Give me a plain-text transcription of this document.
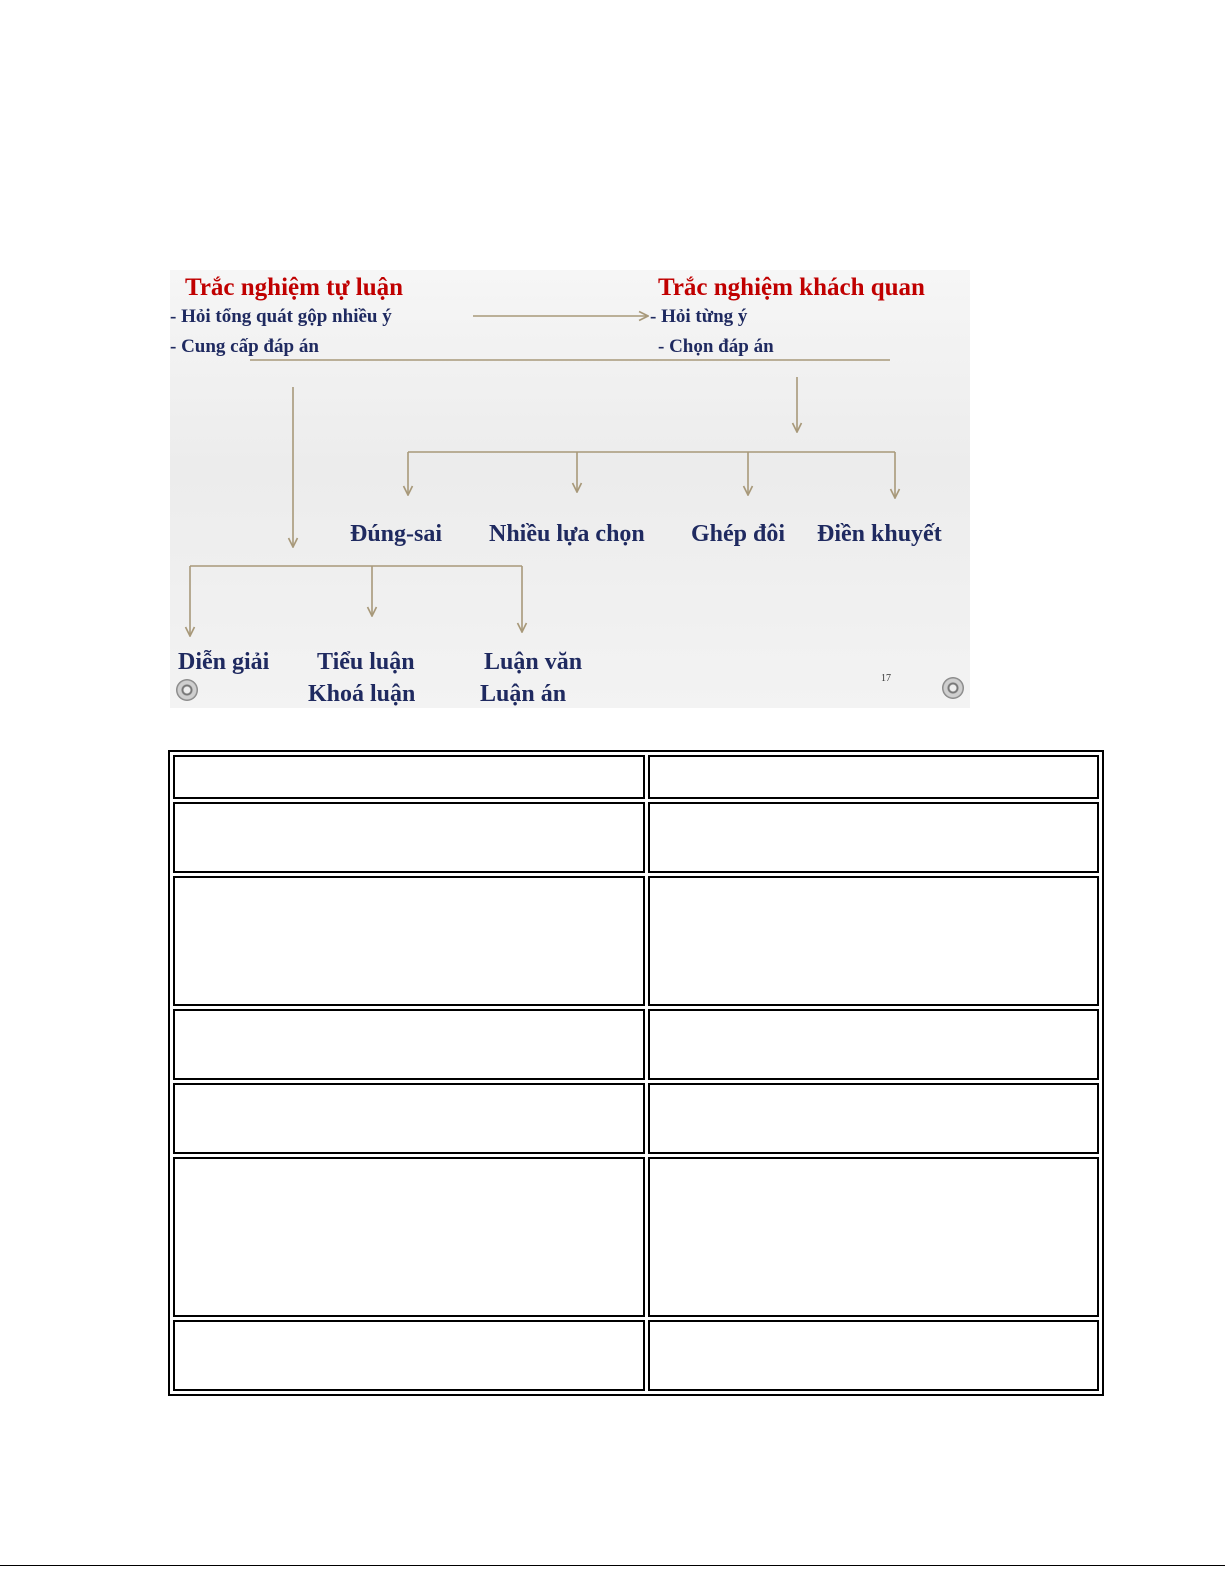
Trắc nghiệm tự luận	Trắc nghiệm khách quan
- Hỏi tổng quát gộp nhiều ý
- Cung cấp đáp án
- Hỏi từng ý
- Chọn đáp án
Đúng-sai Nhiều lựa chọn Ghép đôi Điền khuyết
Diễn giải Tiểu luận
Khoá luận
Luận văn
Luận án
17
